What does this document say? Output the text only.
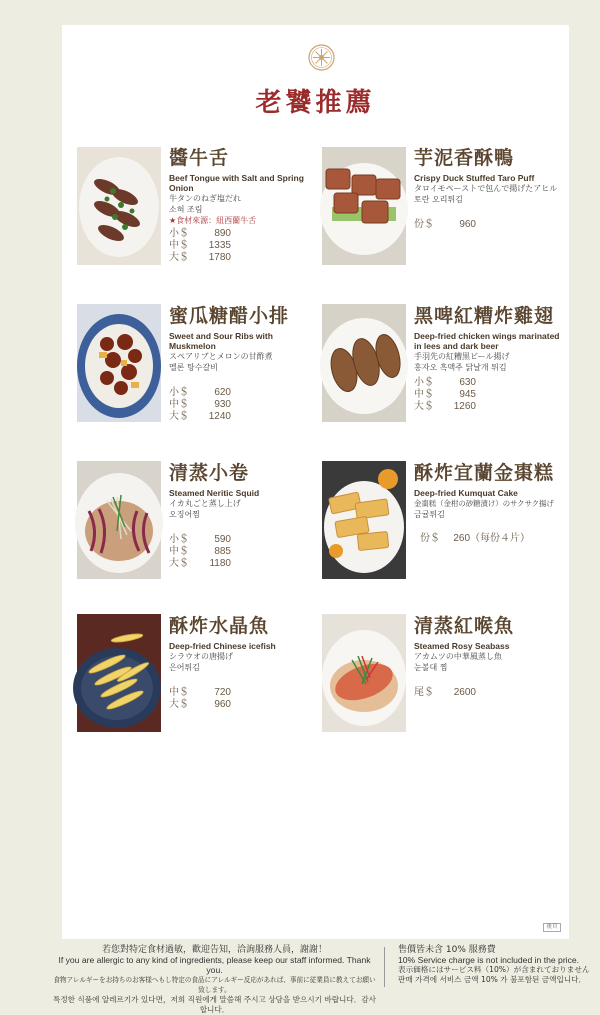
老饕推薦
醬牛舌
Beef Tongue with Salt and Spring Onion
牛タンのねぎ塩だれ
소혀 조림
★食材來源：紐西蘭牛舌
小＄	890
中＄	1335
大＄	1780
芋泥香酥鴨
Crispy Duck Stuffed Taro Puff
タロイモペーストで包んで揚げたアヒル
토란 오리튀김
份＄	960
蜜瓜糖醋小排
Sweet and Sour Ribs with Muskmelon
スペアリブとメロンの甘酢煮
멜론 탕수갈비
小＄	620
中＄	930
大＄	1240
黑啤紅糟炸雞翅
Deep-fried chicken wings marinated in lees and dark beer
手羽先の紅糟黒ビール揚げ
홍자오 흑맥주 닭날개 튀김
小＄	630
中＄	945
大＄	1260
清蒸小卷
Steamed Neritic Squid
イカ丸ごと蒸し上げ
오징어찜
小＄	590
中＄	885
大＄	1180
酥炸宜蘭金棗糕
Deep-fried Kumquat Cake
金棗糕（金柑の砂糖漬け）のサクサク揚げ
금귤튀김
份＄	260（每份４片）
酥炸水晶魚
Deep-fried Chinese icefish
シラウオの唐揚げ
은어튀김
中＄	720
大＄	960
清蒸紅喉魚
Steamed Rosy Seabass
アカムツの中華風蒸し魚
눈볼대 찜
尾＄	2600
後頁
若您對特定食材過敏，歡迎告知，洽詢服務人員，謝謝！
If you are allergic to any kind of ingredients, please keep our staff informed. Thank you.
食物アレルギーをお持ちのお客様へもし特定の食品にアレルギー反応があれば、事前に従業員に教えてお願い致します。
특정한 식품에 알레르기가 있다면，저희 직원에게 말씀해 주시고 상담을 받으시기 바랍니다．감사합니다．
售價皆未含 10% 服務費
10% Service charge is not included in the price.
表示価格にはサービス料（10%）が含まれておりません
판매 가격에 서비스 금액 10% 가 불포함된 금액입니다．
